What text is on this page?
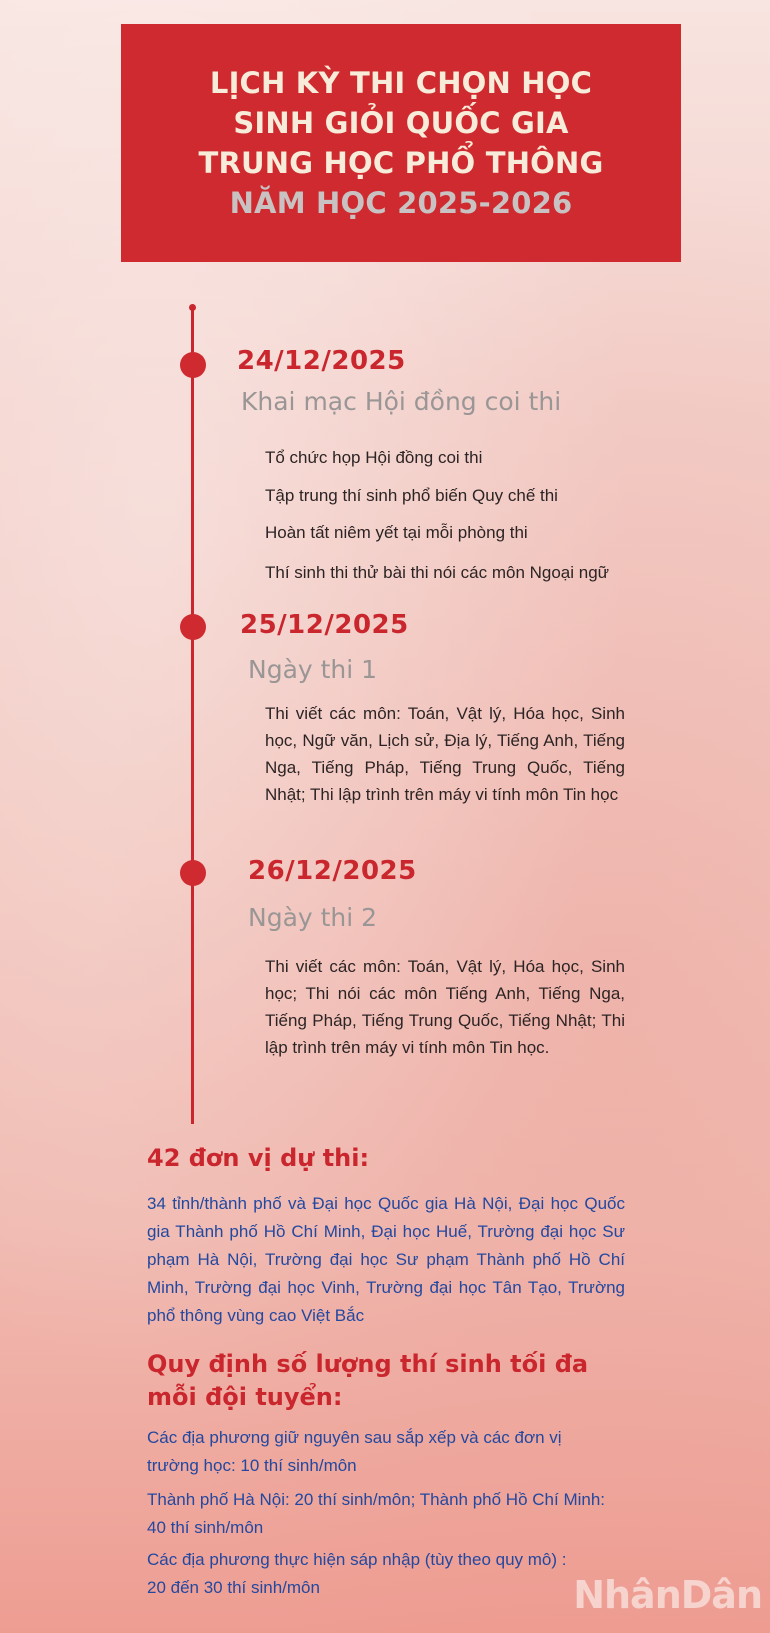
LỊCH KỲ THI CHỌN HỌC
SINH GIỎI QUỐC GIA
TRUNG HỌC PHỔ THÔNG
NĂM HỌC 2025-2026
24/12/2025
Khai mạc Hội đồng coi thi
Tổ chức họp Hội đồng coi thi
Tập trung thí sinh phổ biến Quy chế thi
Hoàn tất niêm yết tại mỗi phòng thi
Thí sinh thi thử bài thi nói các môn Ngoại ngữ
25/12/2025
Ngày thi 1
Thi viết các môn: Toán, Vật lý, Hóa học, Sinh học, Ngữ văn, Lịch sử, Địa lý, Tiếng Anh, Tiếng Nga, Tiếng Pháp, Tiếng Trung Quốc, Tiếng Nhật; Thi lập trình trên máy vi tính môn Tin học
26/12/2025
Ngày thi 2
Thi viết các môn: Toán, Vật lý, Hóa học, Sinh học; Thi nói các môn Tiếng Anh, Tiếng Nga, Tiếng Pháp, Tiếng Trung Quốc, Tiếng Nhật; Thi lập trình trên máy vi tính môn Tin học.
42 đơn vị dự thi:
34 tỉnh/thành phố và Đại học Quốc gia Hà Nội, Đại học Quốc gia Thành phố Hồ Chí Minh, Đại học Huế, Trường đại học Sư phạm Hà Nội, Trường đại học Sư phạm Thành phố Hồ Chí Minh, Trường đại học Vinh, Trường đại học Tân Tạo, Trường phổ thông vùng cao Việt Bắc
Quy định số lượng thí sinh tối đa
mỗi đội tuyển:
Các địa phương giữ nguyên sau sắp xếp và các đơn vị
trường học: 10 thí sinh/môn
Thành phố Hà Nội: 20 thí sinh/môn; Thành phố Hồ Chí Minh:
40 thí sinh/môn
Các địa phương thực hiện sáp nhập (tùy theo quy mô) :
20 đến 30 thí sinh/môn	NhânDân
